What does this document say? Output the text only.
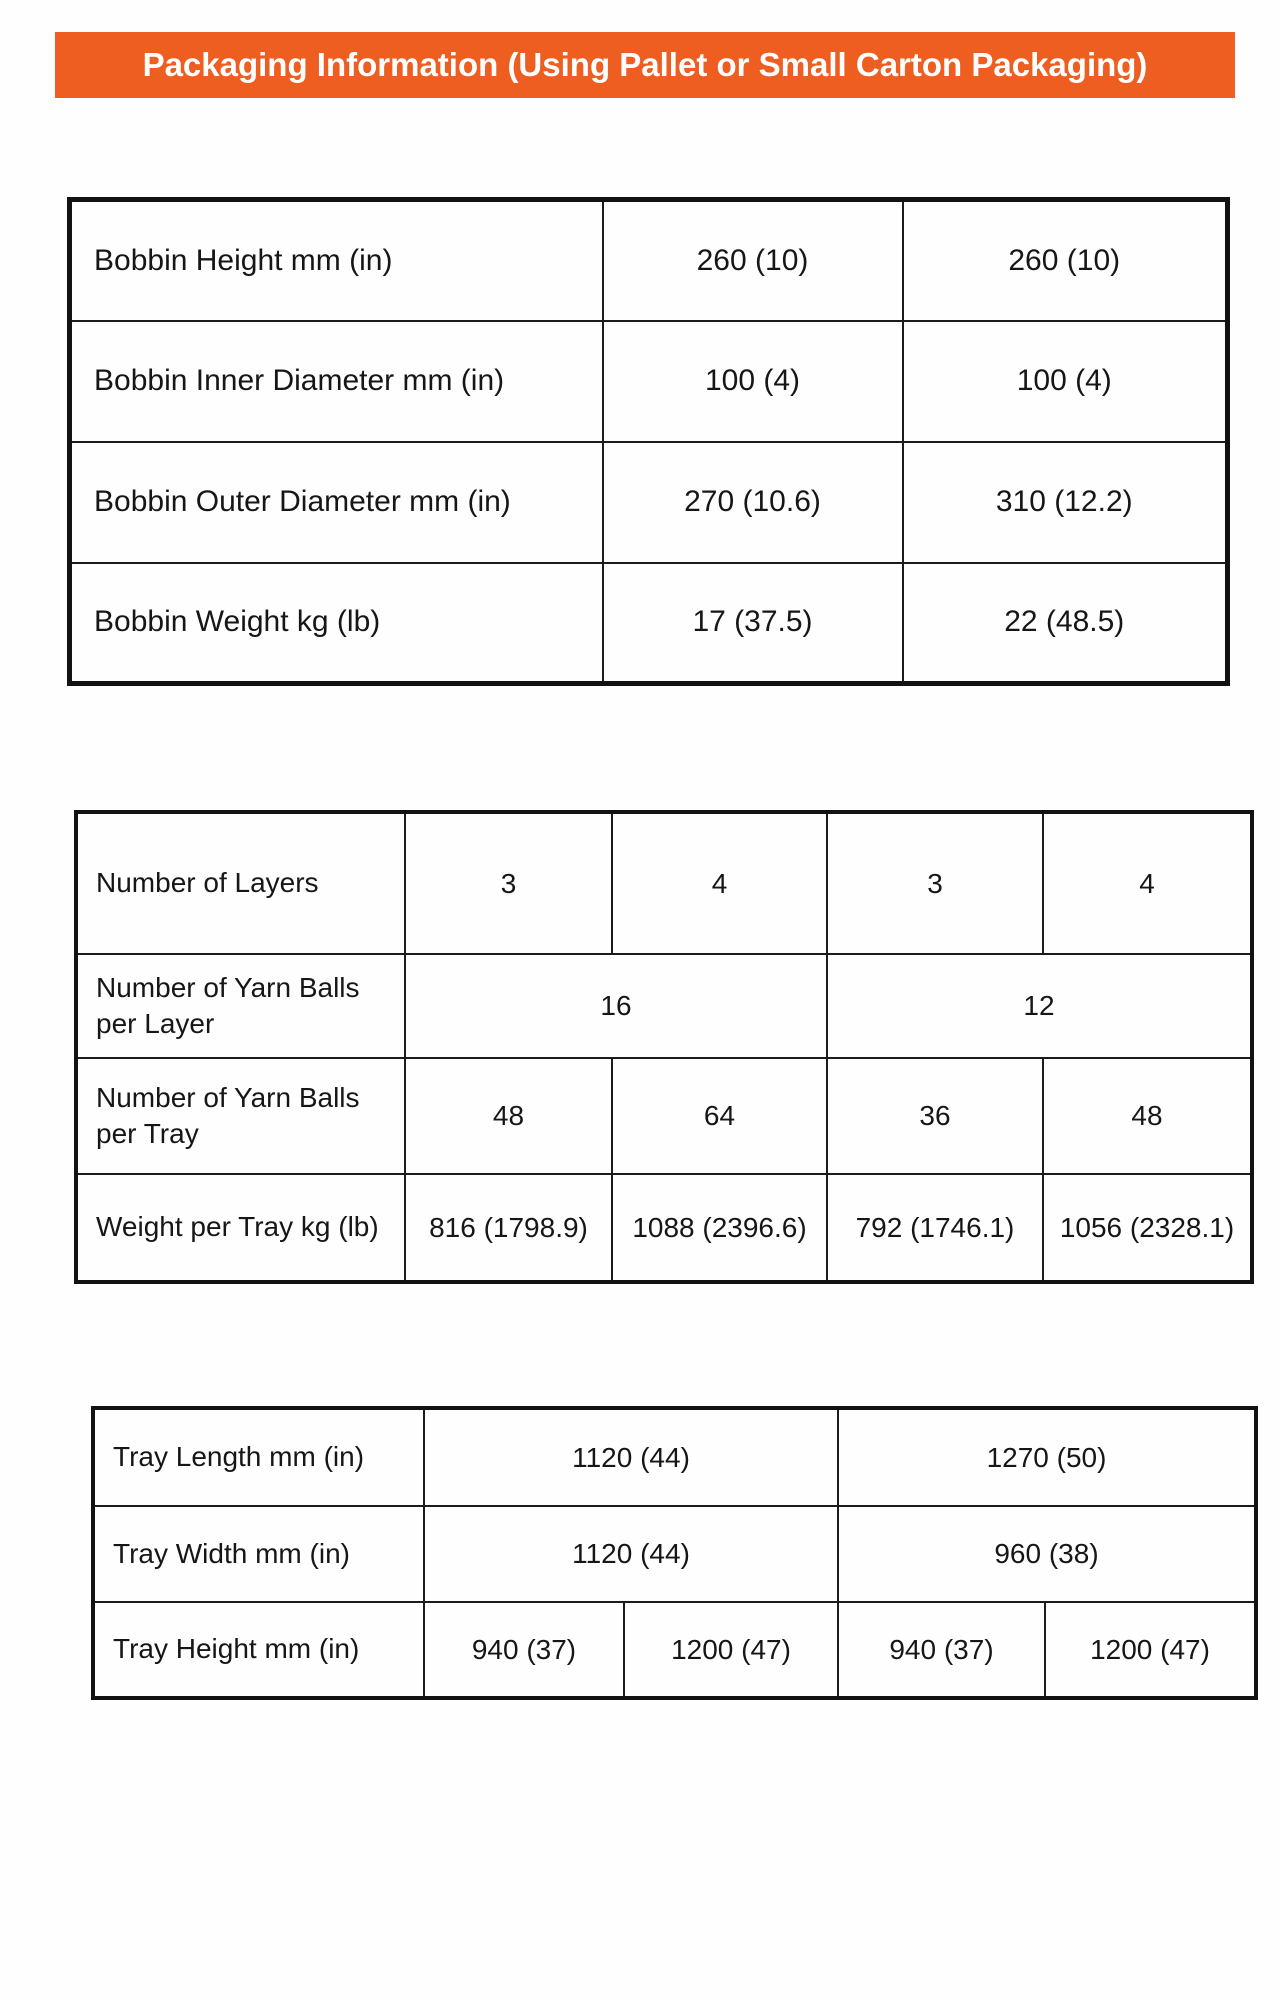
Packaging Information (Using Pallet or Small Carton Packaging)
Bobbin Height mm (in)	260 (10)	260 (10)
Bobbin Inner Diameter mm (in)	100 (4)	100 (4)
Bobbin Outer Diameter mm (in)	270 (10.6)	310 (12.2)
Bobbin Weight kg (lb)	17 (37.5)	22 (48.5)
Number of Layers	3	4	3	4
Number of Yarn Balls per Layer	16		12	
Number of Yarn Balls per Tray	48	64	36	48
Weight per Tray kg (lb)	816 (1798.9)	1088 (2396.6)	792 (1746.1)	1056 (2328.1)
Tray Length mm (in)	1120 (44)		1270 (50)	
Tray Width mm (in)	1120 (44)		960 (38)	
Tray Height mm (in)	940 (37)	1200 (47)	940 (37)	1200 (47)
